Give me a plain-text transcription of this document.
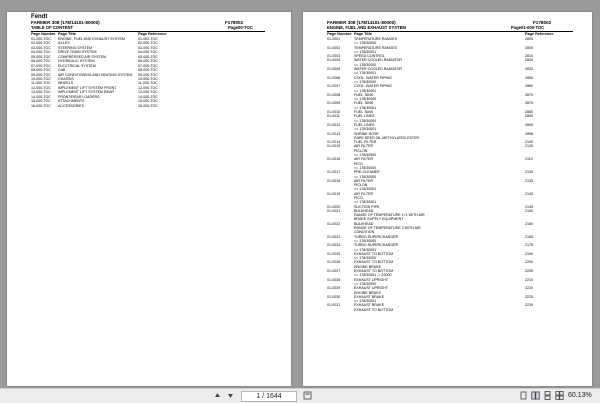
Fendt
FARMER 308 (178/14101-80000)	F178002
TABLE OF CONTENT	Page00-TOC
Page Number Page Title	Page Reference
01-000-TOC ENGINE, FUEL AND EXHAUST SYSTEM	01-000-TOC
02-000-TOC AXLES	02-000-TOC
03-000-TOC STEERING SYSTEM	03-000-TOC
04-000-TOC DRIVE TRAIN SYSTEM	04-000-TOC
05-000-TOC COMPRESSED AIR SYSTEM	05-000-TOC
06-000-TOC HYDRAULIC SYSTEM	06-000-TOC
07-000-TOC ELECTRICAL SYSTEM	07-000-TOC
08-000-TOC CAB	08-000-TOC
09-000-TOC AIR CONDITIONING AND HEATING SYSTEM 09-000-TOC
10-000-TOC CHASSIS	10-000-TOC
11-000-TOC WHEELS	11-000-TOC
12-000-TOC IMPLEMENT LIFT SYSTEM FRONT	12-000-TOC
13-000-TOC IMPLEMENT LIFT SYSTEM REAR	13-000-TOC
14-000-TOC FRONT/REAR LOADERS	14-000-TOC
15-000-TOC ATTACHMENTS	15-000-TOC
16-000-TOC ACCESSORIES	16-000-TOC
FARMER 308 (178/14101-80000)	F178002
ENGINE, FUEL AND EXHAUST SYSTEM	Page01-000-TOC
Page Number Page Title	Page Reference
01-0001	TEMPERATURE RANGES	2605
<= 178/30000
01-0002	TEMPERATURE RANGES	2805
=> 178/30001
01-0003	SPEED CONTROL	2810
01-0004	WATER COOLED RADIATOR	2825
<= 178/30000
01-0005	WATER COOLED RADIATOR	2830
=> 178/30001
01-0006	COOL. WATER PIPING	2855
<= 178/30000
01-0007	COOL. WATER PIPING	2860
=> 178/30001
01-0008	FUEL TANK	2870
<= 178/30000
01-0009	FUEL TANK	2875
=> 178/30001
01-0010	FUEL TANK	2880
01-0011	FUEL LINES	2890
<= 178/30000
01-0012	FUEL LINES	2895
=> 178/30001
01-0013	SHRINK HOSE	2898
RAPE SEED OIL METHYLATED ESTER
01-0014	FUEL FILTER	2100
01-0015	AIR FILTER	2105
PICLON
<= 178/30000
01-0016	AIR FILTER	2110
PICO
<= 178/30000
01-0017	PRE-CLEANER	2130
<= 178/30000
01-0018	AIR FILTER	2135
PICLON
=> 178/30001
01-0019	AIR FILTER	2140
PICO
=> 178/30001
01-0020	SUCTION PIPE	2145
01-0021	BULKHEAD	2150
RANGE OF TEMPERATURE 1+1 WITH AIR
BRAKE SUPPLY EQUIPMENT
01-0022	BULKHEAD	2160
RANGE OF TEMPERATURE 2 WITH AIR
CONDITION
01-0023	TURBO-SUPERCHARGER	2165
<= 178/30000
01-0024	TURBO-SUPERCHARGER	2175
=> 178/30001
01-0025	EXHAUST TO BOTTOM	2190
<= 178/30000
01-0026	EXHAUST TO BOTTOM	2200
ENGINE BRAKE
01-0027	EXHAUST TO BOTTOM	2205
<= 178/30001 -> 22000
01-0028	EXHAUST UPRIGHT	2210
<= 178/30000
01-0029	EXHAUST UPRIGHT	2220
ENGINE BRAKE
01-0030	EXHAUST BRAKE	2225
=> 178/30001
01-0031	EXHAUST BRAKE	2230
EXHAUST TO BOTTOM
1 / 1644	60.13%
